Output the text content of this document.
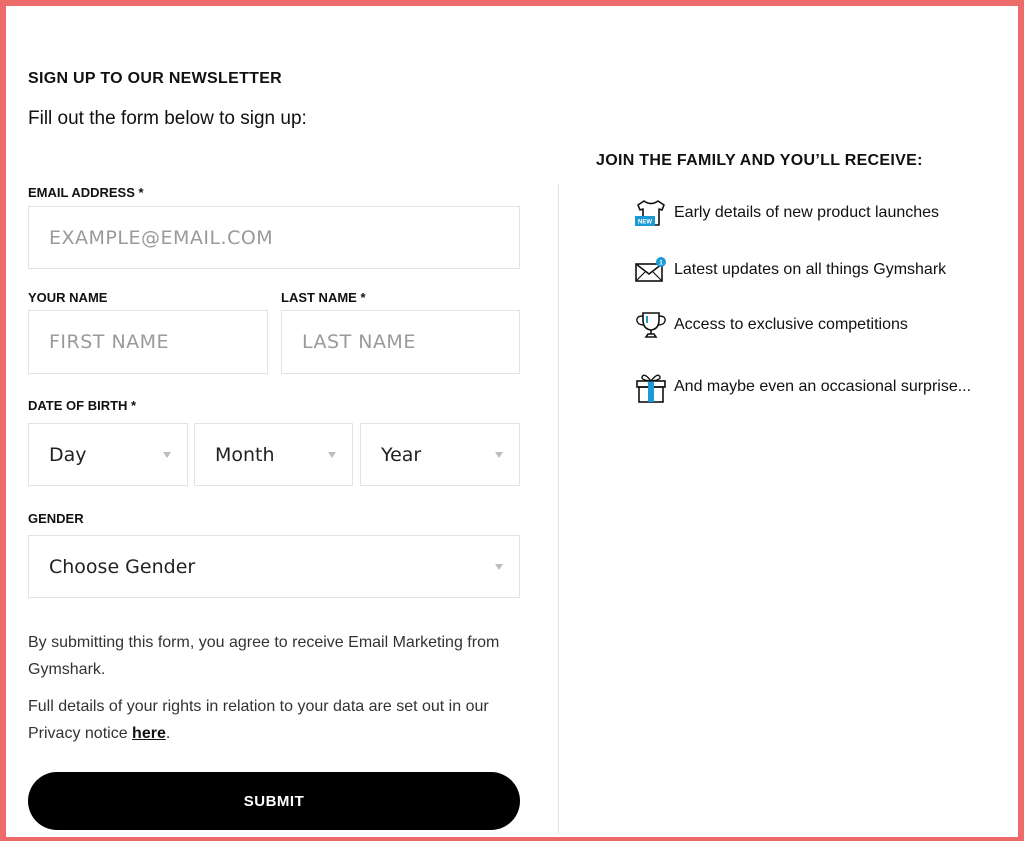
SIGN UP TO OUR NEWSLETTER
Fill out the form below to sign up:
EMAIL ADDRESS *
EXAMPLE@EMAIL.COM
YOUR NAME	LAST NAME *
FIRST NAME
LAST NAME
DATE OF BIRTH *
Day	Month	Year
GENDER
Choose Gender
By submitting this form, you agree to receive Email Marketing from Gymshark.
Full details of your rights in relation to your data are set out in our Privacy notice here.
SUBMIT
JOIN THE FAMILY AND YOU’LL RECEIVE:
NEW
Early details of new product launches
1 Latest updates on all things Gymshark
Access to exclusive competitions
And maybe even an occasional surprise...
